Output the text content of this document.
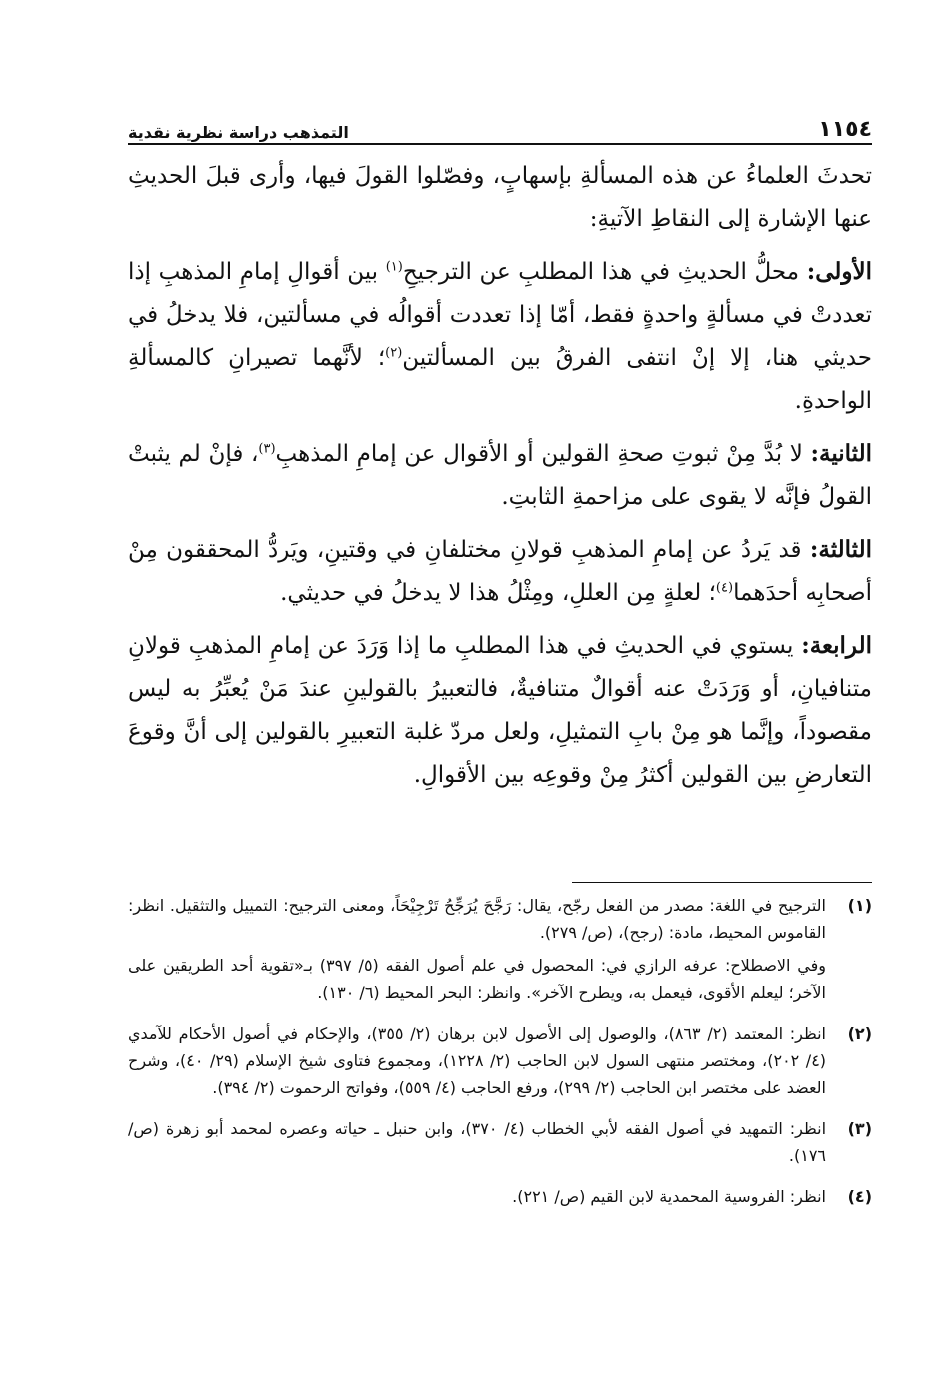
١١٥٤
التمذهب دراسة نظرية نقدية

تحدثَ العلماءُ عن هذه المسألةِ بإسهابٍ، وفصّلوا القولَ فيها، وأرى قبلَ الحديثِ عنها الإشارة إلى النقاطِ الآتيةِ:

الأولى: محلُّ الحديثِ في هذا المطلبِ عن الترجيحِ$^{(١)}$ بين أقوالِ إمامِ المذهبِ إذا تعددتْ في مسألةٍ واحدةٍ فقط، أمّا إذا تعددت أقوالُه في مسألتين، فلا يدخلُ في حديثي هنا، إلا إنْ انتفى الفرقُ بين المسألتين$^{(٢)}$؛ لأنَّهما تصيرانِ كالمسألةِ الواحدةِ.

الثانية: لا بُدَّ مِنْ ثبوتِ صحةِ القولين أو الأقوال عن إمامِ المذهبِ$^{(٣)}$، فإنْ لم يثبتْ القولُ فإنَّه لا يقوى على مزاحمةِ الثابتِ.

الثالثة: قد يَردُ عن إمامِ المذهبِ قولانِ مختلفانِ في وقتينِ، ويَردُّ المحققون مِنْ أصحابِه أحدَهما$^{(٤)}$؛ لعلةٍ مِن العللِ، ومِثْلُ هذا لا يدخلُ في حديثي.

الرابعة: يستوي في الحديثِ في هذا المطلبِ ما إذا وَرَدَ عن إمامِ المذهبِ قولانِ متنافيانِ، أو وَرَدَتْ عنه أقوالٌ متنافيةٌ، فالتعبيرُ بالقولينِ عندَ مَنْ يُعبِّرُ به ليس مقصوداً، وإنَّما هو مِنْ بابِ التمثيلِ، ولعل مردّ غلبة التعبيرِ بالقولين إلى أنَّ وقوعَ التعارضِ بين القولين أكثرُ مِنْ وقوعِه بين الأقوالِ.

(١)

الترجيح في اللغة: مصدر من الفعل رجّح، يقال: رَجَّحَ يُرَجِّحُ تَرْجِيْحَاً، ومعنى الترجيح: التمييل والتثقيل. انظر: القاموس المحيط، مادة: (رجح)، (ص/ ٢٧٩).

وفي الاصطلاح: عرفه الرازي في: المحصول في علم أصول الفقه (٥/ ٣٩٧) بـ«تقوية أحد الطريقين على الآخر؛ ليعلم الأقوى، فيعمل به، ويطرح الآخر». وانظر: البحر المحيط (٦/ ١٣٠).

(٢)

انظر: المعتمد (٢/ ٨٦٣)، والوصول إلى الأصول لابن برهان (٢/ ٣٥٥)، والإحكام في أصول الأحكام للآمدي (٤/ ٢٠٢)، ومختصر منتهى السول لابن الحاجب (٢/ ١٢٢٨)، ومجموع فتاوى شيخ الإسلام (٢٩/ ٤٠)، وشرح العضد على مختصر ابن الحاجب (٢/ ٢٩٩)، ورفع الحاجب (٤/ ٥٥٩)، وفواتح الرحموت (٢/ ٣٩٤).

(٣)

انظر: التمهيد في أصول الفقه لأبي الخطاب (٤/ ٣٧٠)، وابن حنبل ـ حياته وعصره لمحمد أبو زهرة (ص/ ١٧٦).

(٤)

انظر: الفروسية المحمدية لابن القيم (ص/ ٢٢١).
